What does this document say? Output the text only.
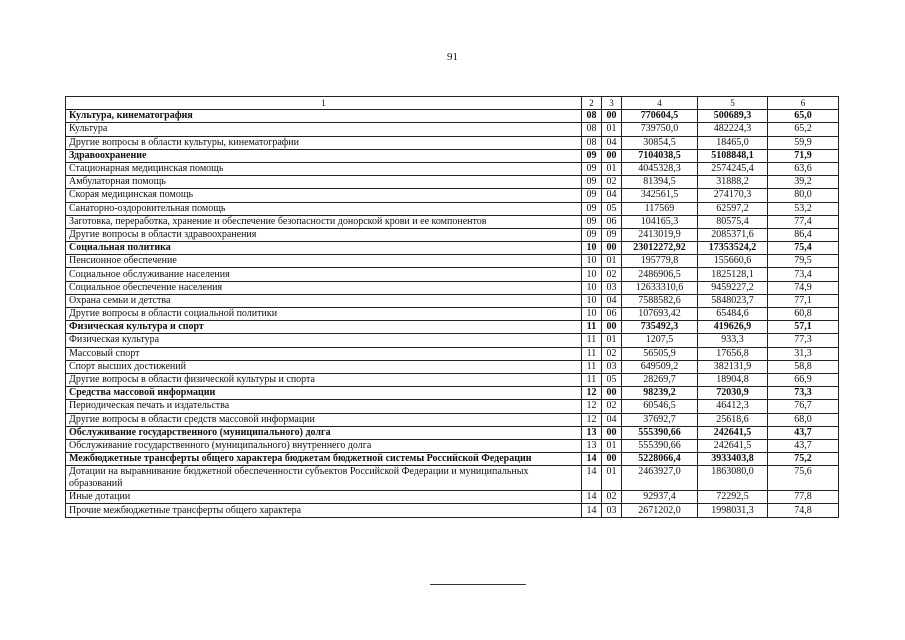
91
1	2	3	4	5	6
Культура, кинематография	08	00	770604,5	500689,3	65,0
Культура	08	01	739750,0	482224,3	65,2
Другие вопросы в области культуры, кинематографии	08	04	30854,5	18465,0	59,9
Здравоохранение	09	00	7104038,5	5108848,1	71,9
Стационарная медицинская помощь	09	01	4045328,3	2574245,4	63,6
Амбулаторная помощь	09	02	81394,5	31888,2	39,2
Скорая медицинская помощь	09	04	342561,5	274170,3	80,0
Санаторно-оздоровительная помощь	09	05	117569	62597,2	53,2
Заготовка, переработка, хранение и обеспечение безопасности донорской крови и ее компонентов	09	06	104165,3	80575,4	77,4
Другие вопросы в области здравоохранения	09	09	2413019,9	2085371,6	86,4
Социальная политика	10	00	23012272,92	17353524,2	75,4
Пенсионное обеспечение	10	01	195779,8	155660,6	79,5
Социальное обслуживание населения	10	02	2486906,5	1825128,1	73,4
Социальное обеспечение населения	10	03	12633310,6	9459227,2	74,9
Охрана семьи и детства	10	04	7588582,6	5848023,7	77,1
Другие вопросы в области социальной политики	10	06	107693,42	65484,6	60,8
Физическая культура и спорт	11	00	735492,3	419626,9	57,1
Физическая культура	11	01	1207,5	933,3	77,3
Массовый спорт	11	02	56505,9	17656,8	31,3
Спорт высших достижений	11	03	649509,2	382131,9	58,8
Другие вопросы в области физической культуры и спорта	11	05	28269,7	18904,8	66,9
Средства массовой информации	12	00	98239,2	72030,9	73,3
Периодическая печать и издательства	12	02	60546,5	46412,3	76,7
Другие вопросы в области средств массовой информации	12	04	37692,7	25618,6	68,0
Обслуживание государственного (муниципального) долга	13	00	555390,66	242641,5	43,7
Обслуживание государственного (муниципального) внутреннего долга	13	01	555390,66	242641,5	43,7
Межбюджетные трансферты общего характера бюджетам бюджетной системы Российской Федерации	14	00	5228066,4	3933403,8	75,2
Дотации на выравнивание бюджетной обеспеченности субъектов Российской Федерации и муниципальных образований	14	01	2463927,0	1863080,0	75,6
Иные дотации	14	02	92937,4	72292,5	77,8
Прочие межбюджетные трансферты общего характера	14	03	2671202,0	1998031,3	74,8
